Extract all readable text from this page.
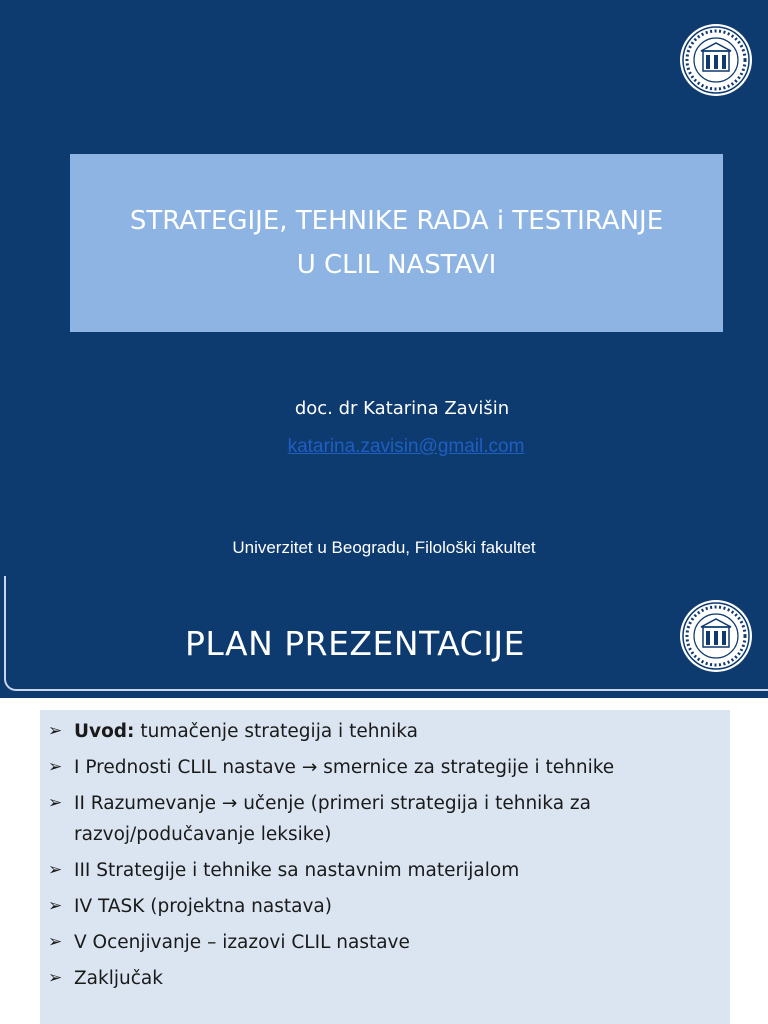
STRATEGIJE, TEHNIKE RADA i TESTIRANJE
U CLIL NASTAVI
doc. dr Katarina Zavišin
katarina.zavisin@gmail.com
Univerzitet u Beogradu, Filološki fakultet
PLAN PREZENTACIJE
➢ Uvod: tumačenje strategija i tehnika
➢ I Prednosti CLIL nastave → smernice za strategije i tehnike
➢ II Razumevanje → učenje (primeri strategija i tehnika za razvoj/podučavanje leksike)
➢ III Strategije i tehnike sa nastavnim materijalom
➢ IV TASK (projektna nastava)
➢ V Ocenjivanje – izazovi CLIL nastave
➢ Zaključak
